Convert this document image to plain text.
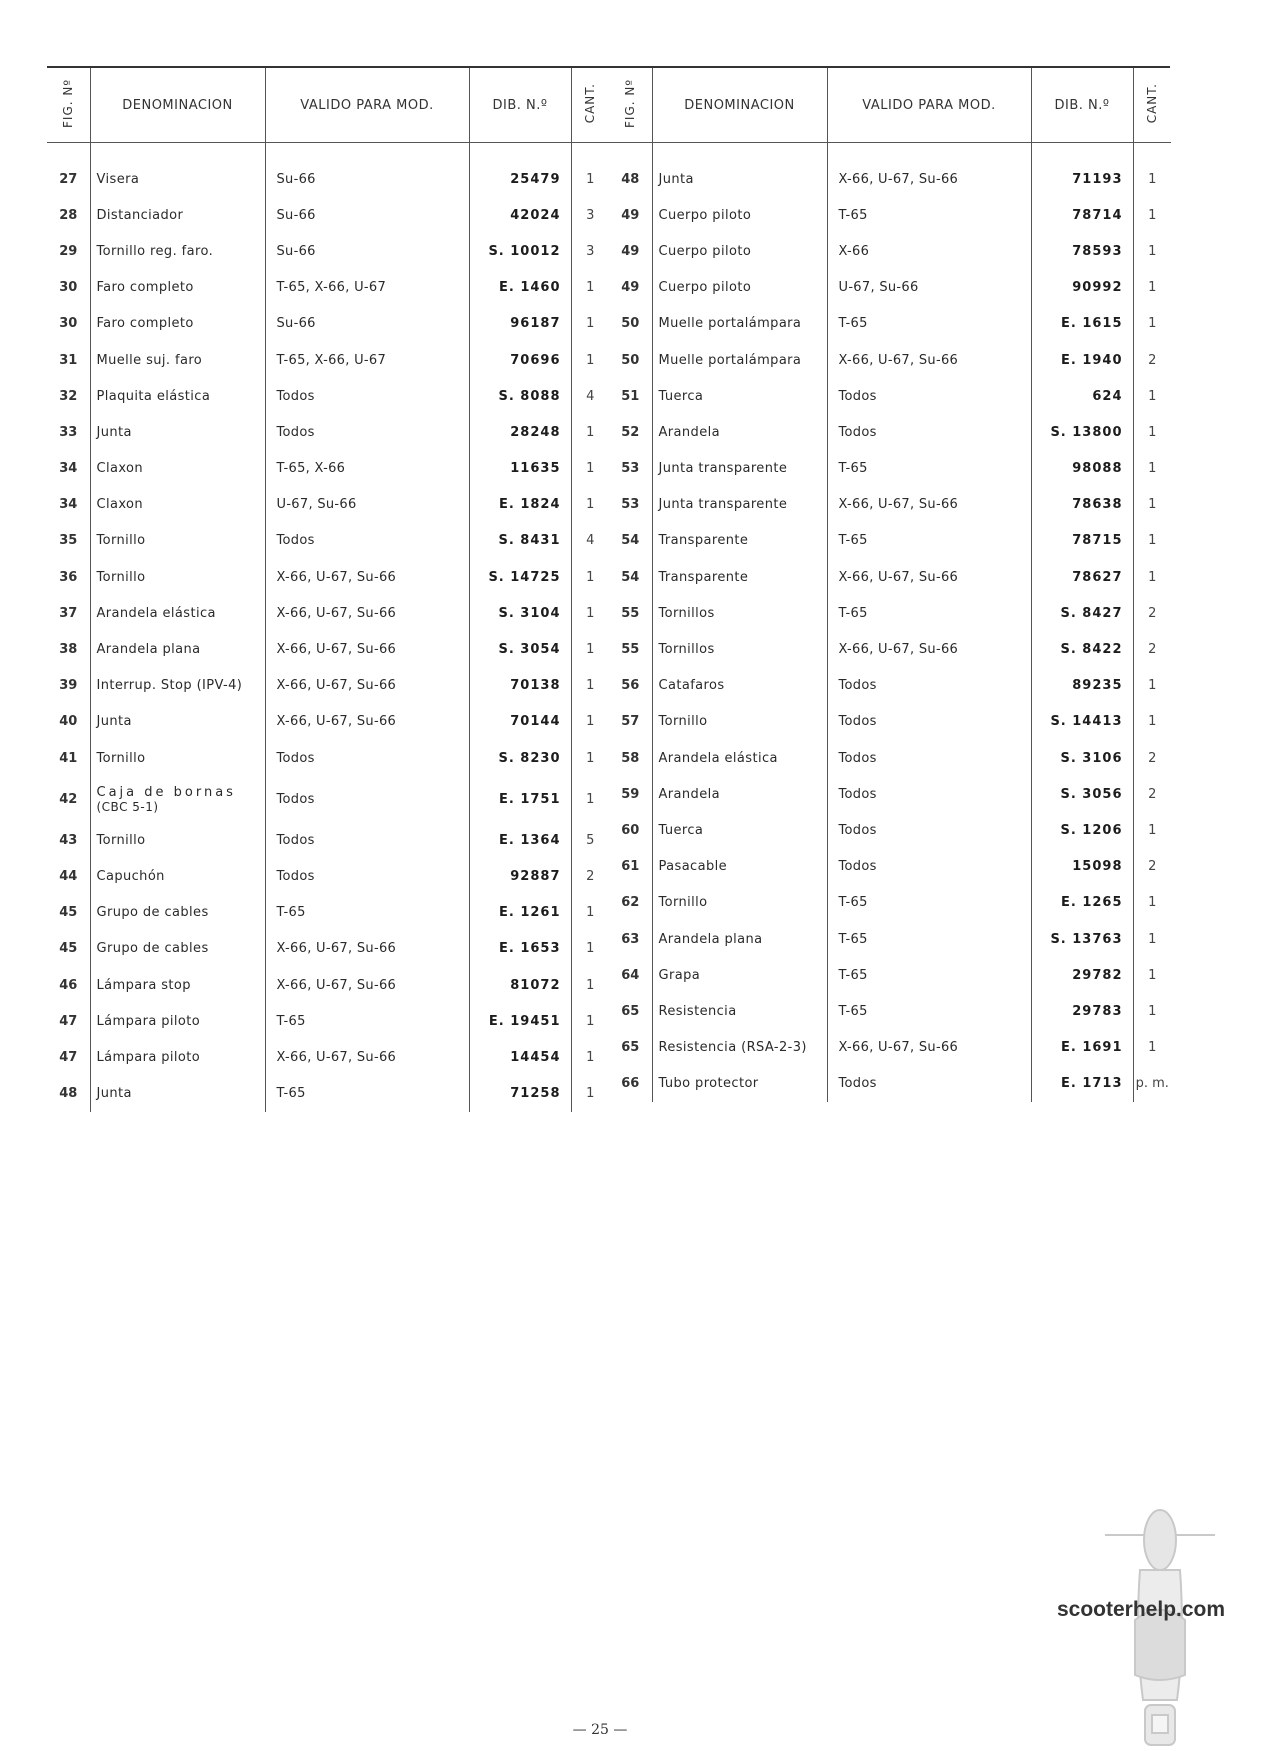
FIG. Nº	DENOMINACION	VALIDO PARA MOD.	DIB. N.º	CANT.

27	Visera	Su-66	25479	1
28	Distanciador	Su-66	42024	3
29	Tornillo reg. faro.	Su-66	S. 10012	3
30	Faro completo	T-65, X-66, U-67	E. 1460	1
30	Faro completo	Su-66	96187	1
31	Muelle suj. faro	T-65, X-66, U-67	70696	1
32	Plaquita elástica	Todos	S. 8088	4
33	Junta	Todos	28248	1
34	Claxon	T-65, X-66	11635	1
34	Claxon	U-67, Su-66	E. 1824	1
35	Tornillo	Todos	S. 8431	4
36	Tornillo	X-66, U-67, Su-66	S. 14725	1
37	Arandela elástica	X-66, U-67, Su-66	S. 3104	1
38	Arandela plana	X-66, U-67, Su-66	S. 3054	1
39	Interrup. Stop (IPV-4)	X-66, U-67, Su-66	70138	1
40	Junta	X-66, U-67, Su-66	70144	1
41	Tornillo	Todos	S. 8230	1
42	Caja de bornas
(CBC 5-1)	Todos	E. 1751	1
43	Tornillo	Todos	E. 1364	5
44	Capuchón	Todos	92887	2
45	Grupo de cables	T-65	E. 1261	1
45	Grupo de cables	X-66, U-67, Su-66	E. 1653	1
46	Lámpara stop	X-66, U-67, Su-66	81072	1
47	Lámpara piloto	T-65	E. 19451	1
47	Lámpara piloto	X-66, U-67, Su-66	14454	1
48	Junta	T-65	71258	1
FIG. Nº	DENOMINACION	VALIDO PARA MOD.	DIB. N.º	CANT.

48	Junta	X-66, U-67, Su-66	71193	1
49	Cuerpo piloto	T-65	78714	1
49	Cuerpo piloto	X-66	78593	1
49	Cuerpo piloto	U-67, Su-66	90992	1
50	Muelle portalámpara	T-65	E. 1615	1
50	Muelle portalámpara	X-66, U-67, Su-66	E. 1940	2
51	Tuerca	Todos	624	1
52	Arandela	Todos	S. 13800	1
53	Junta transparente	T-65	98088	1
53	Junta transparente	X-66, U-67, Su-66	78638	1
54	Transparente	T-65	78715	1
54	Transparente	X-66, U-67, Su-66	78627	1
55	Tornillos	T-65	S. 8427	2
55	Tornillos	X-66, U-67, Su-66	S. 8422	2
56	Catafaros	Todos	89235	1
57	Tornillo	Todos	S. 14413	1
58	Arandela elástica	Todos	S. 3106	2
59	Arandela	Todos	S. 3056	2
60	Tuerca	Todos	S. 1206	1
61	Pasacable	Todos	15098	2
62	Tornillo	T-65	E. 1265	1
63	Arandela plana	T-65	S. 13763	1
64	Grapa	T-65	29782	1
65	Resistencia	T-65	29783	1
65	Resistencia (RSA-2-3)	X-66, U-67, Su-66	E. 1691	1
66	Tubo protector	Todos	E. 1713	p. m.
— 25 —
scooterhelp.com
